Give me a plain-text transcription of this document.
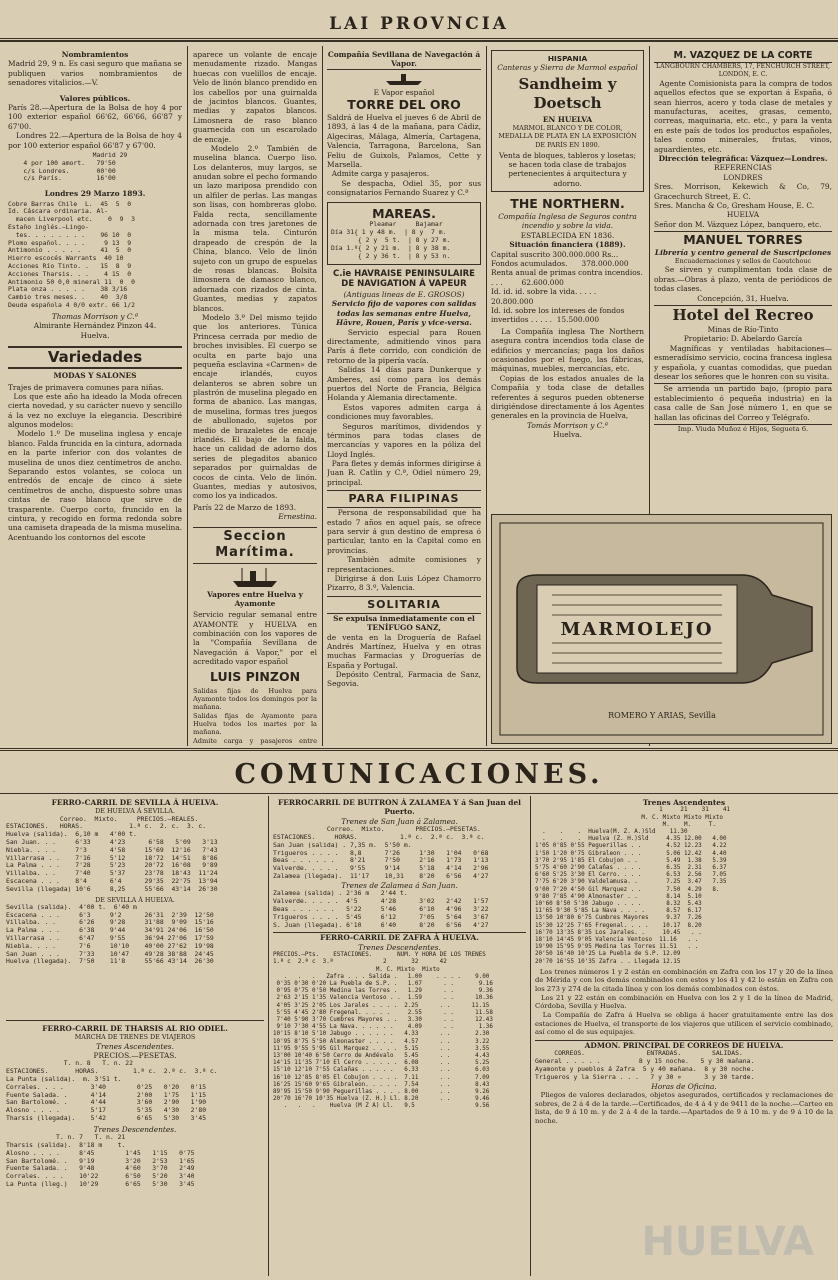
LAI PROVNCIA
Nombramientos
Madrid 29, 9 n. Es casi seguro que mañana se publiquen varios nombramientos de senadores vitalicios.—V.
Valores públicos.
París 28.—Apertura de la Bolsa de hoy 4 por 100 exterior español 66'62, 66'66, 66'87 y 67'00.
Londres 22.—Apertura de la Bolsa de hoy 4 por 100 exterior español 66'87 y 67'00.
Madrid 29
4 por 100 amort.   79'50
c/s Londres.       00'00
c/s París.         16'00
Londres 29 Marzo 1893.
Cobre Barras Chile  L.  45  5  0
Id. Cáscara ordinaria. Al-
macen Liverpool etc.    0  9  3
Estaño inglés.—Lingo-
tes. . . . . . . .    96 10  0
Plomo español. . . .     9 13  9
Antimonio . . . . .     41  5  0
Hierro escocés Warrants  40 10
Acciones Río Tinto. .   15  8  9
Acciones Tharsis. . .    4 15  0
Antimonio 50 0,0 mineral 11  0  0
Plata onza . . . . .    38 3/16
Cambio tres meses. .    40  3/8
Deuda española 4 0/0 extr. 66 1/2
Thomas Morrison y C.ª
Almirante Hernández Pinzon 44.
Huelva.
Variedades
MODAS Y SALONES
Trajes de primavera comunes para niñas.
Los que este año ha ideado la Moda ofrecen cierta novedad, y su carácter nuevo y sencillo á la vez no excluye la elegancia. Describiré algunos modelos:
Modelo 1.º De muselina inglesa y encaje blanco. Falda fruncida en la cintura, adornada en la parte inferior con dos volantes de muselina de unos diez centímetros de ancho. Separando estos volantes, se coloca un entredós de encaje de cinco á siete centímetros de ancho, dispuesto sobre unas cintas de raso blanco que sirve de trasparente. Cuerpo corto, fruncido en la cintura, y recogido en forma redonda sobre una camiseta drapeada de la misma muselina. Acentuando los contornos del escote
aparece un volante de encaje menudamente rizado. Mangas huecas con vuelillos de encaje. Velo de linón blanco prendido en los cabellos por una guirnalda de jacintos blancos. Guantes, medias y zapatos blancos. Limosnera de raso blanco guarnecida con un escarolado de encaje.
Modelo 2.º También de muselina blanca. Cuerpo liso. Los delanteros, muy largos, se anudan sobre el pecho formando un lazo mariposa prendido con un alfiler de perlas. Las mangas son lisas, con hombreras globo. Falda recta, sencillamente adornada con tres jaretones de la misma tela. Cinturón drapeado de crespón de la China, blanco. Velo de linón sujeto con un grupo de espuelas de rosas blancas. Bolsita limosnera de damasco blanco, adornada con rizados de cinta. Guantes, medias y zapatos blancos.
Modelo 3.º Del mismo tejido que los anteriores. Túnica Princesa cerrada por medio de broches invisibles. El cuerpo se oculta en parte bajo una pequeña esclavina «Carmen» de encaje irlandés, cuyos delanteros se abren sobre un plastrón de muselina plegado en forma de abanico. Las mangas, de muselina, formas tres juegos de abullonado, sujetos por medio de brazaletes de encaje irlandés. El bajo de la falda, hace un calidad de adorno dos series de plegaditos abanico separados por guirnaldas de cocos de cinta. Velo de linón. Guantes, medias y autosivos, como los ya indicados.
París 22 de Marzo de 1893.
Ernestina.
Seccion Marítima.
Vapores entre Huelva y Ayamonte
Servicio regular semanal entre AYAMONTE y HUELVA en combinación con los vapores de la "Compañía Sevillana de Navegación á Vapor," por el acreditado vapor español
LUIS PINZON
Salidas fijas de Huelva para Ayamonte todos los domingos por la mañana.
Salidas fijas de Ayamonte para Huelva todos los martes por la mañana.
Admite carga y pasajeros entre

Compañía Sevillana de Navegación á Vapor.
E Vapor español
TORRE DEL ORO
Saldrá de Huelva el jueves 6 de Abril de 1893, á las 4 de la mañana, para Cádiz, Algeciras, Málaga, Almería, Cartagena, Valencia, Tarragona, Barcelona, San Feliu de Guixols, Palamos, Cette y Marsella.
Admite carga y pasajeros.
Se despacha, Odiel 35, por sus consignatarios Fernando Suarez y C.ª
MAREAS.
Pleamar     Bajamar
Día 31{ 1 y 48 m.  | 8 y  7 m.
{ 2 y  5 t.  | 8 y 27 m.
Día 1.º{ 2 y 21 m.  | 8 y 38 m.
{ 2 y 36 t.  | 8 y 53 n.
C.ie HAVRAISE PENINSULAIRE DE NAVIGATION Á VAPEUR
(Antiguas lineas de E. GROSOS)
Servicio fijo de vapores con salidas todas las semanas entre Huelva, Hâvre, Rouen, París y vice-versa.
Servicio especial para Rouen directamente, admitiendo vinos para París á flete corrido, con condición de retorno de la pipería vacía.
Salidas 14 días para Dunkerque y Amberes, así como para los demás puertos del Norte de Francia, Bélgica Holanda y Alemania directamente.
Estos vapores admiten carga á condiciones muy favorables.
Seguros marítimos, dividendos y términos para todas clases de mercancías y vapores en la póliza del Lloyd Inglés.
Para fletes y demás informes dirigirse á Juan R. Catlin y C.ª, Odiel número 29, principal.
PARA FILIPINAS
Persona de responsabilidad que ha estado 7 años en aquel país, se ofrece para servir á gun destino de empresa ó particular, tanto en la Capital como en provincias.
También admite comisiones y representaciones.
Dirigirse á don Luis López Chamorro Pizarro, 8 3.º, Valencia.
SOLITARIA
Se expulsa inmediatamente con el TENÍFUGO SANZ,
de venta en la Droguería de Rafael Andrés Martínez, Huelva y en otras muchas Farmacias y Droguerías de España y Portugal.
Depósito Central, Farmacia de Sanz, Segovia.
HISPANIA
Canteras y Sierra de Marmol español
Sandheim y Doetsch
EN HUELVA
MARMOL BLANCO Y DE COLOR, MEDALLA DE PLATA EN LA EXPOSICIÓN DE PARÍS EN 1890.
Venta de bloques, tableros y losetas; se hacen toda clase de trabajos pertenecientes á arquitectura y adorno.
THE NORTHERN.
Compañía Inglesa de Seguros contra incendio y sobre la vida.
ESTABLECIDA EN 1836.
Situación financiera (1889).
Capital suscrito 300.000.000 Rs...
Fondos acumulados.      378.000.000
Renta anual de primas contra incendios. . . .        62.600.000
Id. id. id. sobre la vida. . . . .      20.800.000
Id. id. sobre los intereses de fondos invertidos . . . . .  15.500.000
La Compañía inglesa The Northern asegura contra incendios toda clase de edificios y mercancías; paga los daños ocasionados por el fuego, las fábricas, máquinas, muebles, mercancías, etc.
Copias de los estados anuales de la Compañía y toda clase de detalles referentes á seguros pueden obtenerse dirigiéndose directamente á los Agentes generales en la provincia de Huelva,
Tomás Morrison y C.ª
Huelva.
M. VAZQUEZ DE LA CORTE
LANGBOURN CHAMBERS, 17, FENCHURCH STREET, LONDON, E. C.
Agente Comisionista para la compra de todos aquellos efectos que se exportan á España, ó sean hierros, acero y toda clase de metales y manufacturas, aceites, grasas, cemento, correas, maquinaria, etc. etc., y para la venta en este país de todos los productos españoles, tales como minerales, frutas, vinos, aguardientes, etc.
Dirección telegráfica: Vázquez—Londres.
REFERENCIAS
LONDRES
Sres. Morrison, Kekewich & Co, 79, Gracechurch Street, E. C.
Sres. Mancha & Co, Gresham House, E. C.
HUELVA
Señor don M. Vázquez López, banquero, etc.
MANUEL TORRES
Librería y centro general de Suscripciones
Encuadernaciones y sellos de Caoutchouc
Se sirven y cumplimentan toda clase de obras.—Obras á plazo, venta de periódicos de todas clases.
Concepción, 31, Huelva.
Hotel del Recreo
Minas de Río-Tinto
Propietario: D. Abelardo García
Magníficas y ventiladas habitaciones—esmeradísimo servicio, cocina francesa inglesa y española, y cuantas comodidas, que puedan desear los señores que le honren con su visita.
Se arrienda un partido bajo, (propio para establecimiento ó pequeña industria) en la casa calle de San José número 1, en que se hallan las oficinas del Correo y Telégrafo.
Imp. Viuda Muñoz é Hijos, Segueta 6.
MARMOLEJO
ROMERO Y ARIAS, Sevilla
COMUNICACIONES.
FERRO-CARRIL DE SEVILLA Á HUELVA.
DE HUELVA Á SEVILLA.
Correo.  Mixto.     PRECIOS.—REALES.
ESTACIONES.   HORAS.            1.ª c.  2. c.  3. c.
Huelva (salida).  6,10 m   4'00 t.
San Juan. . .     6'33     4'23      6'58   5'09   3'13
Niebla. . . .     7'3      4'58     15'69  12'16   7'43
Villarrasa . .    7'16     5'12     18'72  14'51   8'86
La Palma . . .    7'28     5'23     20'72  16'08   9'89
Villalba. . .     7'40     5'37     23'78  18'43  11'24
Escacena . . .    8'4      6'4      29'35  22'75  13'94
Sevilla (llegada) 10'6     8,25     55'66  43'14  26'30
DE SEVILLA Á HUELVA.
Sevilla (salida).  4'00 t.  6'40 m
Escacena . . .     6'3     9'2      26'31  2'39  12'50
Villalba. . .      6'26    9'28     31'88  9'09  15'16
La Palma . . .     6'38    9'44     34'91 24'06  16'50
Villarrasa . .     6'47    9'55     36'94 27'06  17'59
Niebla. . . .      7'6     10'10    40'00 27'62  19'98
San Juan . . .     7'33    10'47    49'28 38'88  24'45
Huelva (llegada).  7'50    11'8     55'66 43'14  26'30
FERRO-CARRIL DE THARSIS AL RIO ODIEL.
MARCHA DE TRENES DE VIAJEROS
Trenes Ascendentes.
PRECIOS.—PESETAS.
T. n. 8   T. n. 22
ESTACIONES.       HORAS.         1.ª c.  2.ª c.  3.ª c.
La Punta (salida).  m. 3'51 t.
Corrales. . . .       3'40        0'25   0'20   0'15
Fuente Salada. .      4'14        2'00   1'75   1'15
San Bartolomé. .      4'44        3'60   2'90   1'90
Alosno . . . .        5'17        5'35   4'30   2'80
Tharsis (llegada).    5'42        6'65   5'30   3'45
Trenes Descendentes.
T. n. 7   T. n. 21
Tharsis (salida).  8'18 m    t.
Alosno . . . .     8'45        1'45   1'15   0'75
San Bartolomé. .   9'19        3'20   2'53   1'65
Fuente Salada. .   9'48        4'60   3'70   2'49
Corrales. . . .    10'22       6'50   5'20   3'40
La Punta (lleg.)   10'29       6'65   5'30   3'45
FERROCARRIL DE BUITRON Á ZALAMEA Y á San Juan del Puerto.
Trenes de San Juan á Zalamea.
Correo.  Mixto.        PRECIOS.—PESETAS.
ESTACIONES.     HORAS.           1.ª c.  2.ª c.  3.ª c.
San Juan (salida) . 7,35 m.  5'50 m.
Trigueros . . . .   8,8      7'26     1'30   1'04   0'68
Beas . . . . . .    8'21     7'50     2'16   1'73   1'13
Valverde. . . . .   9'55     9'14     5'18   4'14   2'96
Zalamea (llegada).  11'17    10,31    8'20   6'56   4'27
Trenes de Zalamea á San Juan.
Zalamea (salida) . 2'36 m   2'44 t.
Valverde. . . . .  4'5      4'28      3'02   2'42   1'57
Beas . . . . . .   5'22     5'46      6'10   4'96   3'22
Trigueros . . . .  5'45     6'12      7'05   5'64   3'67
S. Juan (llegada). 6'10     6'40      8'20   6'56   4'27
FERRO-CARRIL DE ZAFRA Á HUELVA.
Trenes Descendentes.
PRECIOS.—Pts.    ESTACIONES.       NUM. Y HORA DE LOS TRENES
1.ª c  2.ª c  3.ª              2       32      42
M. C. Mixto  Mixto
.   .   .   Zafra . . . Salida .   1.00    . . . .    9.00
0'35 0'30 0'20 La Puebla de S.P. .   1.07      . .       9.16
0'95 0'75 0'50 Medina las Torres .   1.29      . .       9.36
2'63 2'15 1'35 Valencia Ventoso . .  1.59      . .      10.36
4'05 3'25 2'05 Los Jarales . . . .  2.25      . .      11.15
5'55 4'45 2'80 Fregenal. . . . .     2.55      . .      11.58
7'40 5'90 3'70 Cumbres Mayores . .   3.30      . .      12.43
9'10 7'30 4'55 La Nava. . . . . .    4.09      . .       1.36
10'15 8'10 5'10 Jabugo . . . . . .   4.33      . .       2.30
10'95 8'75 5'50 Almonaster . . . .   4.57      . .       3.22
11'95 9'55 5'95 Gil Marquez . . . .  5.15      . .       3.55
13'00 10'40 6'50 Cerro de Andévalo   5.45      . .       4.43
14'15 11'35 7'10 El Cerro . . . . .  6.08      . .       5.25
15'10 12'10 7'55 Calañas . . . . .   6.33      . .       6.03
16'10 12'85 8'05 El Cobujon . . . .  7.11      . .       7.09
16'25 15'60 9'65 Gibraleon. . . . .  7.54      . .       8.43
89'95 15'50 9'90 Peguerillas . . . . 8.00      . .       9.26
20'70 16'70 10'35 Huelva (Z. H.) Ll. 8.20      . .       9.46
.   .   .    Huelva (M Z A) Ll.   9.5                 9.56
Trenes Ascendentes
1     21    31    41
M. C. Mixto Mixto Mixto
M.    M.     T.
.    .    .  Huelva(M. Z. A.)Sld    11.30
.    .    .  Huelva (Z. H.)Sld     4.35 12.00   4.00
1'05 0'85 0'55 Peguerillas . .       4.52 12.23   4.22
1'50 1'20 0'75 Gibraleon . . .       5.06 12.42   4.40
3'70 2'95 1'85 El Cobujon . .        5.49  1.38   5.39
5'75 4'60 2'90 Calañas . . . .       6.35  2.31   6.37
6'60 5'25 3'30 El Cerro. . . .       6.53  2.56   7.05
7'75 6'20 3'90 Valdelamusa. .        7.25  3.47   7.35
9'00 7'20 4'50 Gil Marquez . .       7.50  4.29   8.
9'80 7'85 4'90 Almonaster . .        8.14  5.10
10'60 8'50 5'30 Jabugo . . . .       8.32  5.43
11'65 9'30 5'85 La Nava . . . .      8.57  6.17
13'50 10'80 6'75 Cumbres Mayores     9.37  7.26
15'30 12'25 7'65 Fregenal. . . .    10.17  8.20
16'70 13'35 8'35 Los Jarales. .     10.45   . .
18'10 14'45 9'05 Valencia Ventoso  11.16   . .
19'90 15'95 9'95 Medina las Torres 11.51   . .
20'50 16'40 10'25 La Puebla de S.P. 12.09
20'70 16'55 10'35 Zafra . . Llegada 12.15
Los trenes números 1 y 2 están en combinación en Zafra con los 17 y 20 de la línea de Mérida y con los demás combinados con estos y los 41 y 42 lo están en Zafra con los 273 y 274 de la citada línea y con los demás combinados con éstos.
Los 21 y 22 están en combinación en Huelva con los 2 y 1 de la línea de Madrid, Córdoba, Sevilla y Huelva.
La Compañía de Zafra á Huelva se obliga á hacer gratuitamente entre las dos estaciones de Huelva, el transporte de los viajeros que utilicen el servicio combinado, así como el de sus equipajes.
ADMON. PRINCIPAL DE CORREOS DE HUELVA.
CORREOS.                ENTRADAS.        SALIDAS.
General . . . . .          8 y 15 noche.   5 y 30 mañana.
Ayamonte y pueblos á Zafra  5 y 40 mañana.  8 y 30 noche.
Trigueros y la Sierra . . .   7 y 30 »      3 y 30 tarde.
Horas de Oficina.
Pliegos de valores declarados, objetos asegurados, certificados y reclamaciones de sobres, de 2 á 4 de la tarde.—Certificados, de 4 á 4 y de 9411 de la noche.—Carteo en lista, de 9 á 10 m. y de 2 á 4 de la tarde.—Apartados de 9 á 10 m. y de 9 á 10 de la noche.
HUELVA
